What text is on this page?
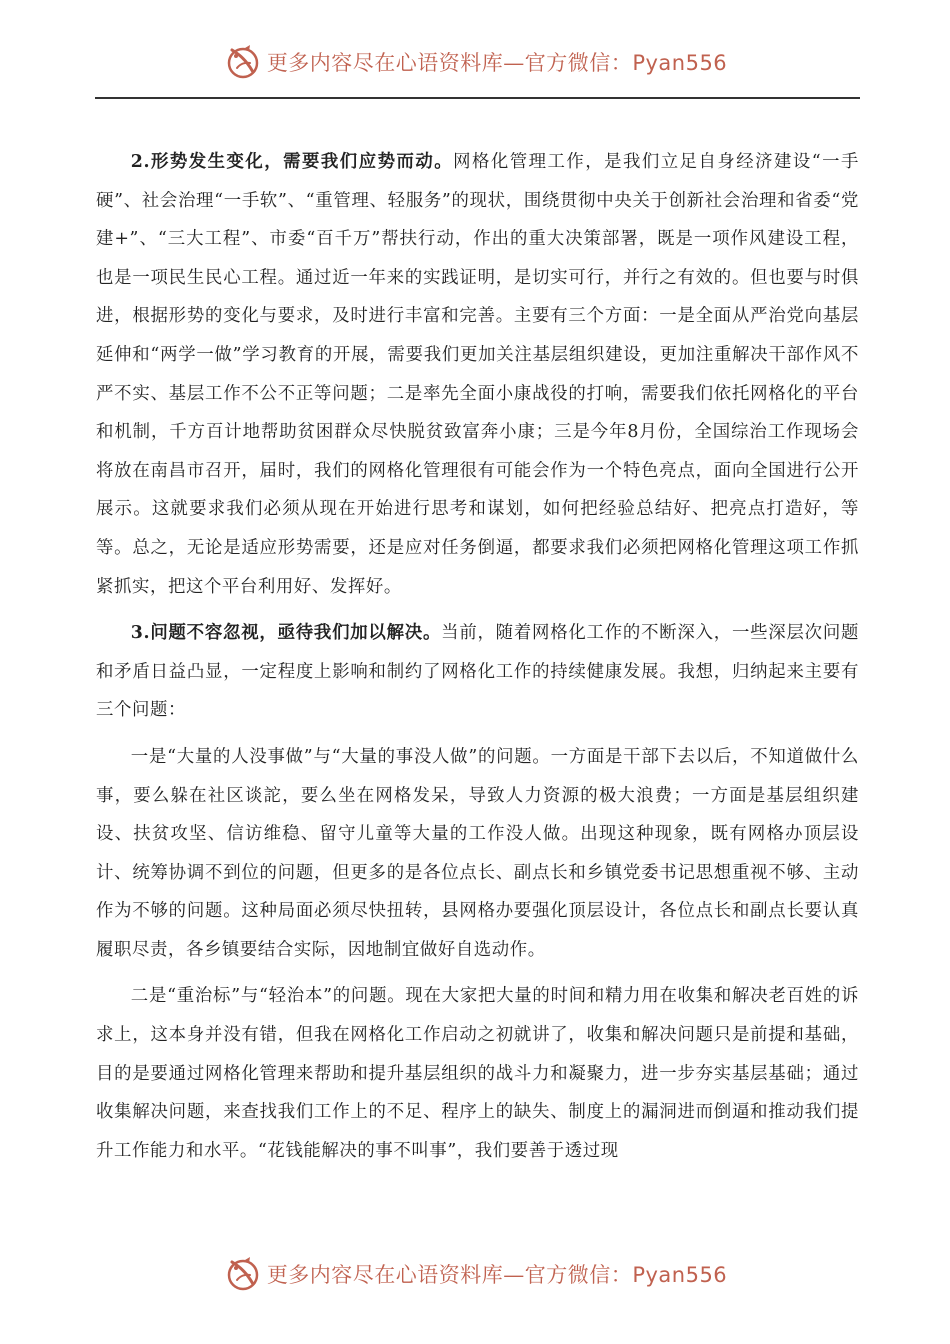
更多内容尽在心语资料库—官方微信：Pyan556

2.形势发生变化，需要我们应势而动。网格化管理工作，是我们立足自身经济建设“一手硬”、社会治理“一手软”、“重管理、轻服务”的现状，围绕贯彻中央关于创新社会治理和省委“党建+”、“三大工程”、市委“百千万”帮扶行动，作出的重大决策部署，既是一项作风建设工程，也是一项民生民心工程。通过近一年来的实践证明，是切实可行，并行之有效的。但也要与时俱进，根据形势的变化与要求，及时进行丰富和完善。主要有三个方面：一是全面从严治党向基层延伸和“两学一做”学习教育的开展，需要我们更加关注基层组织建设，更加注重解决干部作风不严不实、基层工作不公不正等问题；二是率先全面小康战役的打响，需要我们依托网格化的平台和机制，千方百计地帮助贫困群众尽快脱贫致富奔小康；三是今年8月份，全国综治工作现场会将放在南昌市召开，届时，我们的网格化管理很有可能会作为一个特色亮点，面向全国进行公开展示。这就要求我们必须从现在开始进行思考和谋划，如何把经验总结好、把亮点打造好，等等。总之，无论是适应形势需要，还是应对任务倒逼，都要求我们必须把网格化管理这项工作抓紧抓实，把这个平台利用好、发挥好。

3.问题不容忽视，亟待我们加以解决。当前，随着网格化工作的不断深入，一些深层次问题和矛盾日益凸显，一定程度上影响和制约了网格化工作的持续健康发展。我想，归纳起来主要有三个问题：

一是“大量的人没事做”与“大量的事没人做”的问题。一方面是干部下去以后，不知道做什么事，要么躲在社区谈詑，要么坐在网格发呆，导致人力资源的极大浪费；一方面是基层组织建设、扶贫攻坚、信访维稳、留守儿童等大量的工作没人做。出现这种现象，既有网格办顶层设计、统筹协调不到位的问题，但更多的是各位点长、副点长和乡镇党委书记思想重视不够、主动作为不够的问题。这种局面必须尽快扭转，县网格办要强化顶层设计，各位点长和副点长要认真履职尽责，各乡镇要结合实际，因地制宜做好自选动作。

二是“重治标”与“轻治本”的问题。现在大家把大量的时间和精力用在收集和解决老百姓的诉求上，这本身并没有错，但我在网格化工作启动之初就讲了，收集和解决问题只是前提和基础，目的是要通过网格化管理来帮助和提升基层组织的战斗力和凝聚力，进一步夯实基层基础；通过收集解决问题，来查找我们工作上的不足、程序上的缺失、制度上的漏洞进而倒逼和推动我们提升工作能力和水平。“花钱能解决的事不叫事”，我们要善于透过现

更多内容尽在心语资料库—官方微信：Pyan556
